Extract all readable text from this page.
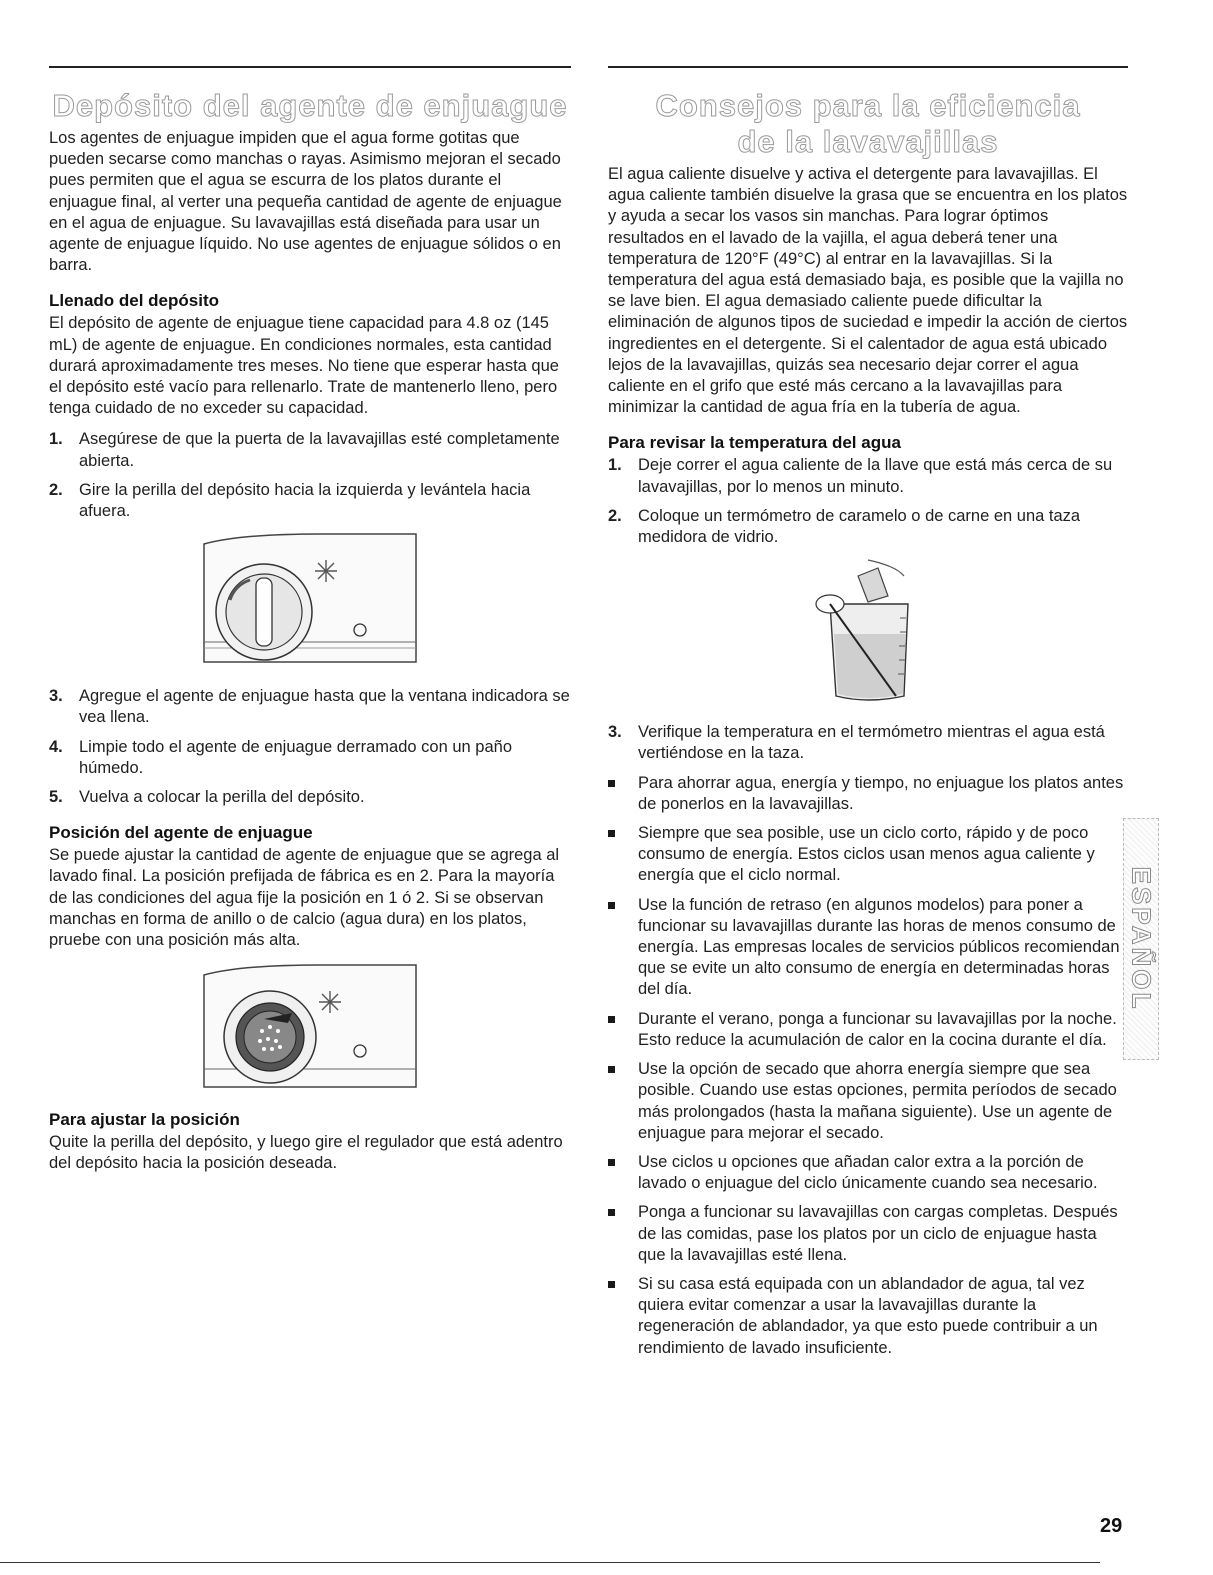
Depósito del agente de enjuague

Los agentes de enjuague impiden que el agua forme gotitas que pueden secarse como manchas o rayas. Asimismo mejoran el secado pues permiten que el agua se escurra de los platos durante el enjuague final, al verter una pequeña cantidad de agente de enjuague en el agua de enjuague. Su lavavajillas está diseñada para usar un agente de enjuague líquido. No use agentes de enjuague sólidos o en barra.

Llenado del depósito

El depósito de agente de enjuague tiene capacidad para 4.8 oz (145 mL) de agente de enjuague. En condiciones normales, esta cantidad durará aproximadamente tres meses. No tiene que esperar hasta que el depósito esté vacío para rellenarlo. Trate de mantenerlo lleno, pero tenga cuidado de no exceder su capacidad.

1. Asegúrese de que la puerta de la lavavajillas esté completamente abierta.
2. Gire la perilla del depósito hacia la izquierda y levántela hacia afuera.
3. Agregue el agente de enjuague hasta que la ventana indicadora se vea llena.
4. Limpie todo el agente de enjuague derramado con un paño húmedo.
5. Vuelva a colocar la perilla del depósito.
Posición del agente de enjuague

Se puede ajustar la cantidad de agente de enjuague que se agrega al lavado final. La posición prefijada de fábrica es en 2. Para la mayoría de las condiciones del agua fije la posición en 1 ó 2. Si se observan manchas en forma de anillo o de calcio (agua dura) en los platos, pruebe con una posición más alta.

Para ajustar la posición

Quite la perilla del depósito, y luego gire el regulador que está adentro del depósito hacia la posición deseada.

Consejos para la eficiencia
de la lavavajillas

El agua caliente disuelve y activa el detergente para lavavajillas. El agua caliente también disuelve la grasa que se encuentra en los platos y ayuda a secar los vasos sin manchas. Para lograr óptimos resultados en el lavado de la vajilla, el agua deberá tener una temperatura de 120°F (49°C) al entrar en la lavavajillas. Si la temperatura del agua está demasiado baja, es posible que la vajilla no se lave bien. El agua demasiado caliente puede dificultar la eliminación de algunos tipos de suciedad e impedir la acción de ciertos ingredientes en el detergente. Si el calentador de agua está ubicado lejos de la lavavajillas, quizás sea necesario dejar correr el agua caliente en el grifo que esté más cercano a la lavavajillas para minimizar la cantidad de agua fría en la tubería de agua.

Para revisar la temperatura del agua
1. Deje correr el agua caliente de la llave que está más cerca de su lavavajillas, por lo menos un minuto.
2. Coloque un termómetro de caramelo o de carne en una taza medidora de vidrio.
3. Verifique la temperatura en el termómetro mientras el agua está vertiéndose en la taza.
Para ahorrar agua, energía y tiempo, no enjuague los platos antes de ponerlos en la lavavajillas.
Siempre que sea posible, use un ciclo corto, rápido y de poco consumo de energía. Estos ciclos usan menos agua caliente y energía que el ciclo normal.
Use la función de retraso (en algunos modelos) para poner a funcionar su lavavajillas durante las horas de menos consumo de energía. Las empresas locales de servicios públicos recomiendan que se evite un alto consumo de energía en determinadas horas del día.
Durante el verano, ponga a funcionar su lavavajillas por la noche. Esto reduce la acumulación de calor en la cocina durante el día.
Use la opción de secado que ahorra energía siempre que sea posible. Cuando use estas opciones, permita períodos de secado más prolongados (hasta la mañana siguiente). Use un agente de enjuague para mejorar el secado.
Use ciclos u opciones que añadan calor extra a la porción de lavado o enjuague del ciclo únicamente cuando sea necesario.
Ponga a funcionar su lavavajillas con cargas completas. Después de las comidas, pase los platos por un ciclo de enjuague hasta que la lavavajillas esté llena.
Si su casa está equipada con un ablandador de agua, tal vez quiera evitar comenzar a usar la lavavajillas durante la regeneración de ablandador, ya que esto puede contribuir a un rendimiento de lavado insuficiente.
ESPAÑOL
29
